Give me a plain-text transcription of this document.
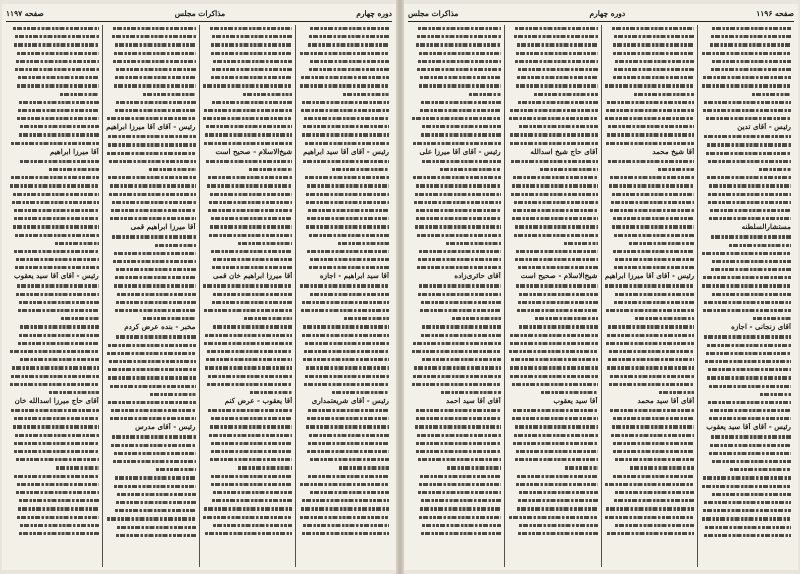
دوره چهارم
مذاکرات مجلس
صفحه ۱۱۹۷
رئیس - آقای آقا سید ابراهیم
آقا سید ابراهیم - اجازه
رئیس - آقای شریعتمداری
شیخ‌الاسلام - صحیح است
آقا میرزا ابراهیم خان قمی
آقا یعقوب - عرض کنم
رئیس - آقای آقا میرزا ابراهیم
آقا میرزا ابراهیم قمی
مخبر - بنده عرض کردم
رئیس - آقای مدرس
آقا میرزا ابراهیم
رئیس - آقای آقا سید یعقوب
آقای حاج میرزا اسدالله خان
صفحه ۱۱۹۶
دوره چهارم
مذاکرات مجلس
رئیس - آقای تدین
مستشارالسلطنه
آقای زنجانی - اجازه
رئیس - آقای آقا سید یعقوب
آقا شیخ محمد
رئیس - آقای آقا میرزا ابراهیم
آقای آقا سید محمد
آقای حاج شیخ اسدالله
شیخ‌الاسلام - صحیح است
آقا سید یعقوب
رئیس - آقای آقا میرزا علی
آقای حائری‌زاده
آقای آقا سید احمد
